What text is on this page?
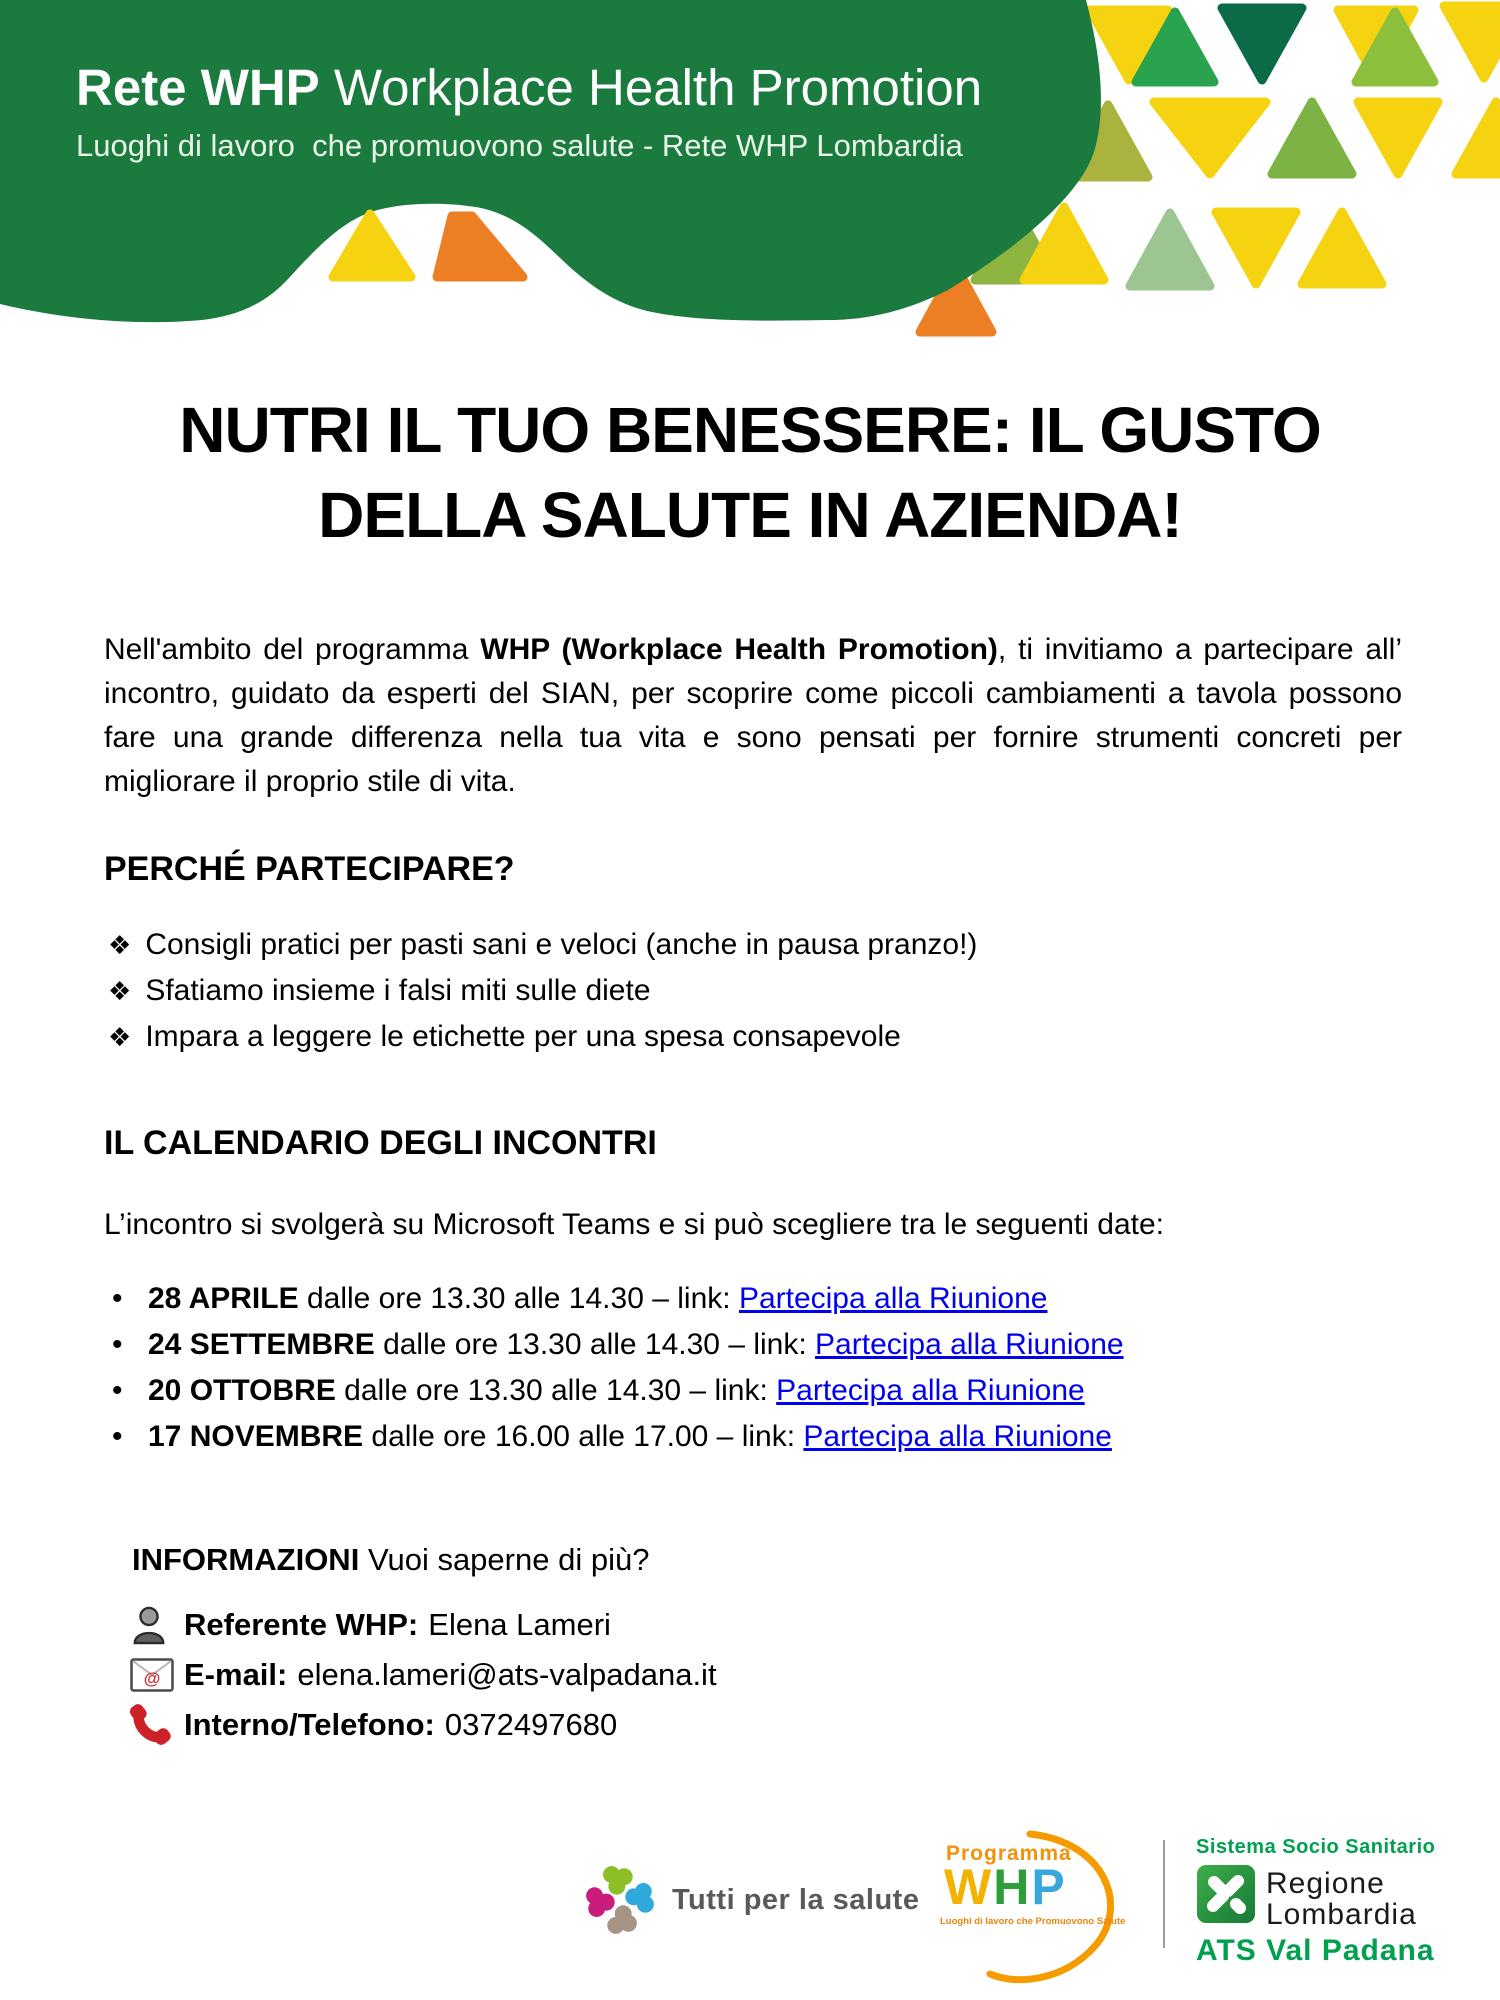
Rete WHP Workplace Health Promotion
Luoghi di lavoro  che promuovono salute - Rete WHP Lombardia
NUTRI IL TUO BENESSERE: IL GUSTO
DELLA SALUTE IN AZIENDA!

Nell'ambito del programma WHP (Workplace Health Promotion), ti invitiamo a partecipare all’ incontro, guidato da esperti del SIAN, per scoprire come piccoli cambiamenti a tavola possono fare una grande differenza nella tua vita e sono pensati per fornire strumenti concreti per migliorare il proprio stile di vita.

PERCHÉ PARTECIPARE?
❖ Consigli pratici per pasti sani e veloci (anche in pausa pranzo!)
❖ Sfatiamo insieme i falsi miti sulle diete
❖ Impara a leggere le etichette per una spesa consapevole
IL CALENDARIO DEGLI INCONTRI
L’incontro si svolgerà su Microsoft Teams e si può scegliere tra le seguenti date:
• 28 APRILE dalle ore 13.30 alle 14.30 – link: Partecipa alla Riunione
• 24 SETTEMBRE dalle ore 13.30 alle 14.30 – link: Partecipa alla Riunione
• 20 OTTOBRE dalle ore 13.30 alle 14.30 – link: Partecipa alla Riunione
• 17 NOVEMBRE dalle ore 16.00 alle 17.00 – link: Partecipa alla Riunione
INFORMAZIONI Vuoi saperne di più?
Referente WHP: Elena Lameri
@ E-mail: elena.lameri@ats-valpadana.it
Interno/Telefono: 0372497680
Tutti per la salute
Programma
WHP
Luoghi di lavoro che Promuovono Salute
Sistema Socio Sanitario
Regione
Lombardia
ATS Val Padana
